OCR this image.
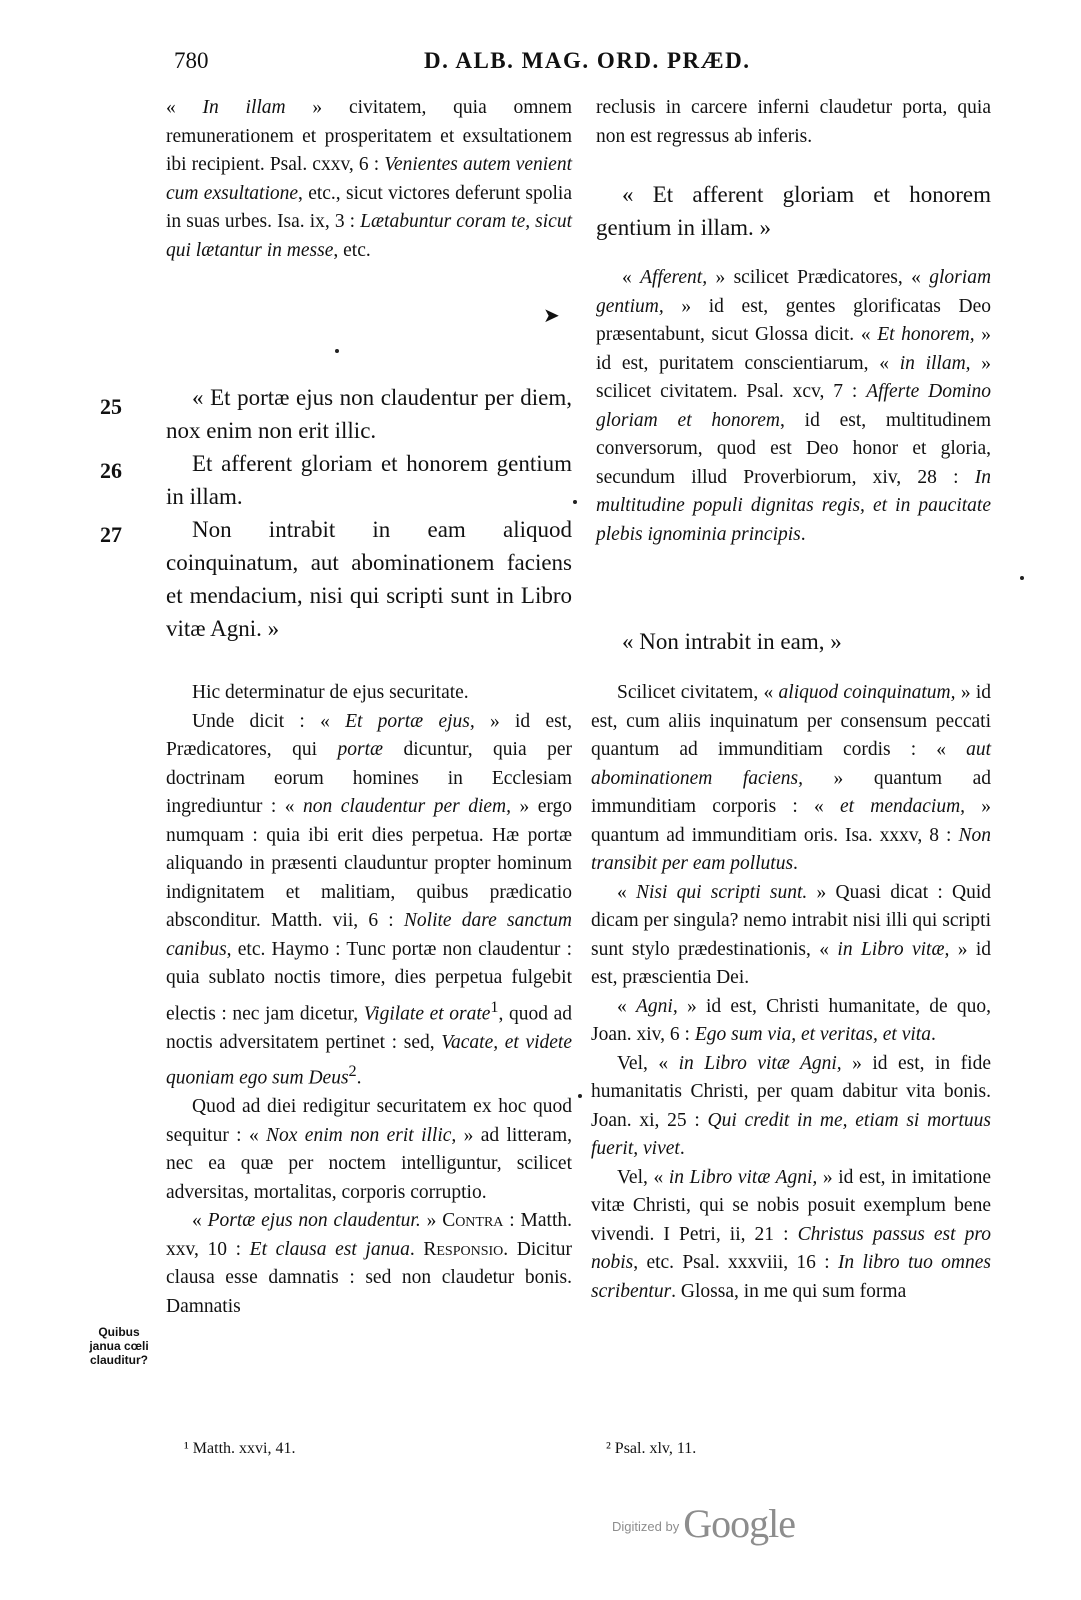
780	D. ALB. MAG. ORD. PRÆD.

« In illam » civitatem, quia omnem remunerationem et prosperitatem et exsultationem ibi recipient. Psal. cxxv, 6 : Venientes autem venient cum exsultatione, etc., sicut victores deferunt spolia in suas urbes. Isa. ix, 3 : Lætabuntur coram te, sicut qui lætantur in messe, etc.

➤
25
26
27

« Et portæ ejus non claudentur per diem, nox enim non erit illic.

Et afferent gloriam et honorem gentium in illam.

Non intrabit in eam aliquod coinquinatum, aut abominationem faciens et mendacium, nisi qui scripti sunt in Libro vitæ Agni. »

Hic determinatur de ejus securitate.

Unde dicit : « Et portæ ejus, » id est, Prædicatores, qui portæ dicuntur, quia per doctrinam eorum homines in Ecclesiam ingrediuntur : « non claudentur per diem, » ergo numquam : quia ibi erit dies perpetua. Hæ portæ aliquando in præsenti clauduntur propter hominum indignitatem et malitiam, quibus prædicatio absconditur. Matth. vii, 6 : Nolite dare sanctum canibus, etc. Haymo : Tunc portæ non claudentur : quia sublato noctis timore, dies perpetua fulgebit electis : nec jam dicetur, Vigilate et orate$^1$, quod ad noctis adversitatem pertinet : sed, Vacate, et videte quoniam ego sum Deus$^2$.

Quod ad diei redigitur securitatem ex hoc quod sequitur : « Nox enim non erit illic, » ad litteram, nec ea quæ per noctem intelliguntur, scilicet adversitas, mortalitas, corporis corruptio.

« Portæ ejus non claudentur. » Contra : Matth. xxv, 10 : Et clausa est janua. Responsio. Dicitur clausa esse damnatis : sed non claudetur bonis. Damnatis

Quibus janua cœli clauditur?

reclusis in carcere inferni claudetur porta, quia non est regressus ab inferis.

« Et afferent gloriam et honorem gentium in illam. »

« Afferent, » scilicet Prædicatores, « gloriam gentium, » id est, gentes glorificatas Deo præsentabunt, sicut Glossa dicit. « Et honorem, » id est, puritatem conscientiarum, « in illam, » scilicet civitatem. Psal. xcv, 7 : Afferte Domino gloriam et honorem, id est, multitudinem conversorum, quod est Deo honor et gloria, secundum illud Proverbiorum, xiv, 28 : In multitudine populi dignitas regis, et in paucitate plebis ignominia principis.

« Non intrabit in eam, »

Scilicet civitatem, « aliquod coinquinatum, » id est, cum aliis inquinatum per consensum peccati quantum ad immunditiam cordis : « aut abominationem faciens, » quantum ad immunditiam corporis : « et mendacium, » quantum ad immunditiam oris. Isa. xxxv, 8 : Non transibit per eam pollutus.

« Nisi qui scripti sunt. » Quasi dicat : Quid dicam per singula? nemo intrabit nisi illi qui scripti sunt stylo prædestinationis, « in Libro vitæ, » id est, præscientia Dei.

« Agni, » id est, Christi humanitate, de quo, Joan. xiv, 6 : Ego sum via, et veritas, et vita.

Vel, « in Libro vitæ Agni, » id est, in fide humanitatis Christi, per quam dabitur vita bonis. Joan. xi, 25 : Qui credit in me, etiam si mortuus fuerit, vivet.

Vel, « in Libro vitæ Agni, » id est, in imitatione vitæ Christi, qui se nobis posuit exemplum bene vivendi. I Petri, ii, 21 : Christus passus est pro nobis, etc. Psal. xxxviii, 16 : In libro tuo omnes scribentur. Glossa, in me qui sum forma

¹ Matth. xxvi, 41.	² Psal. xlv, 11.
$^{Digitized by}$ Google
